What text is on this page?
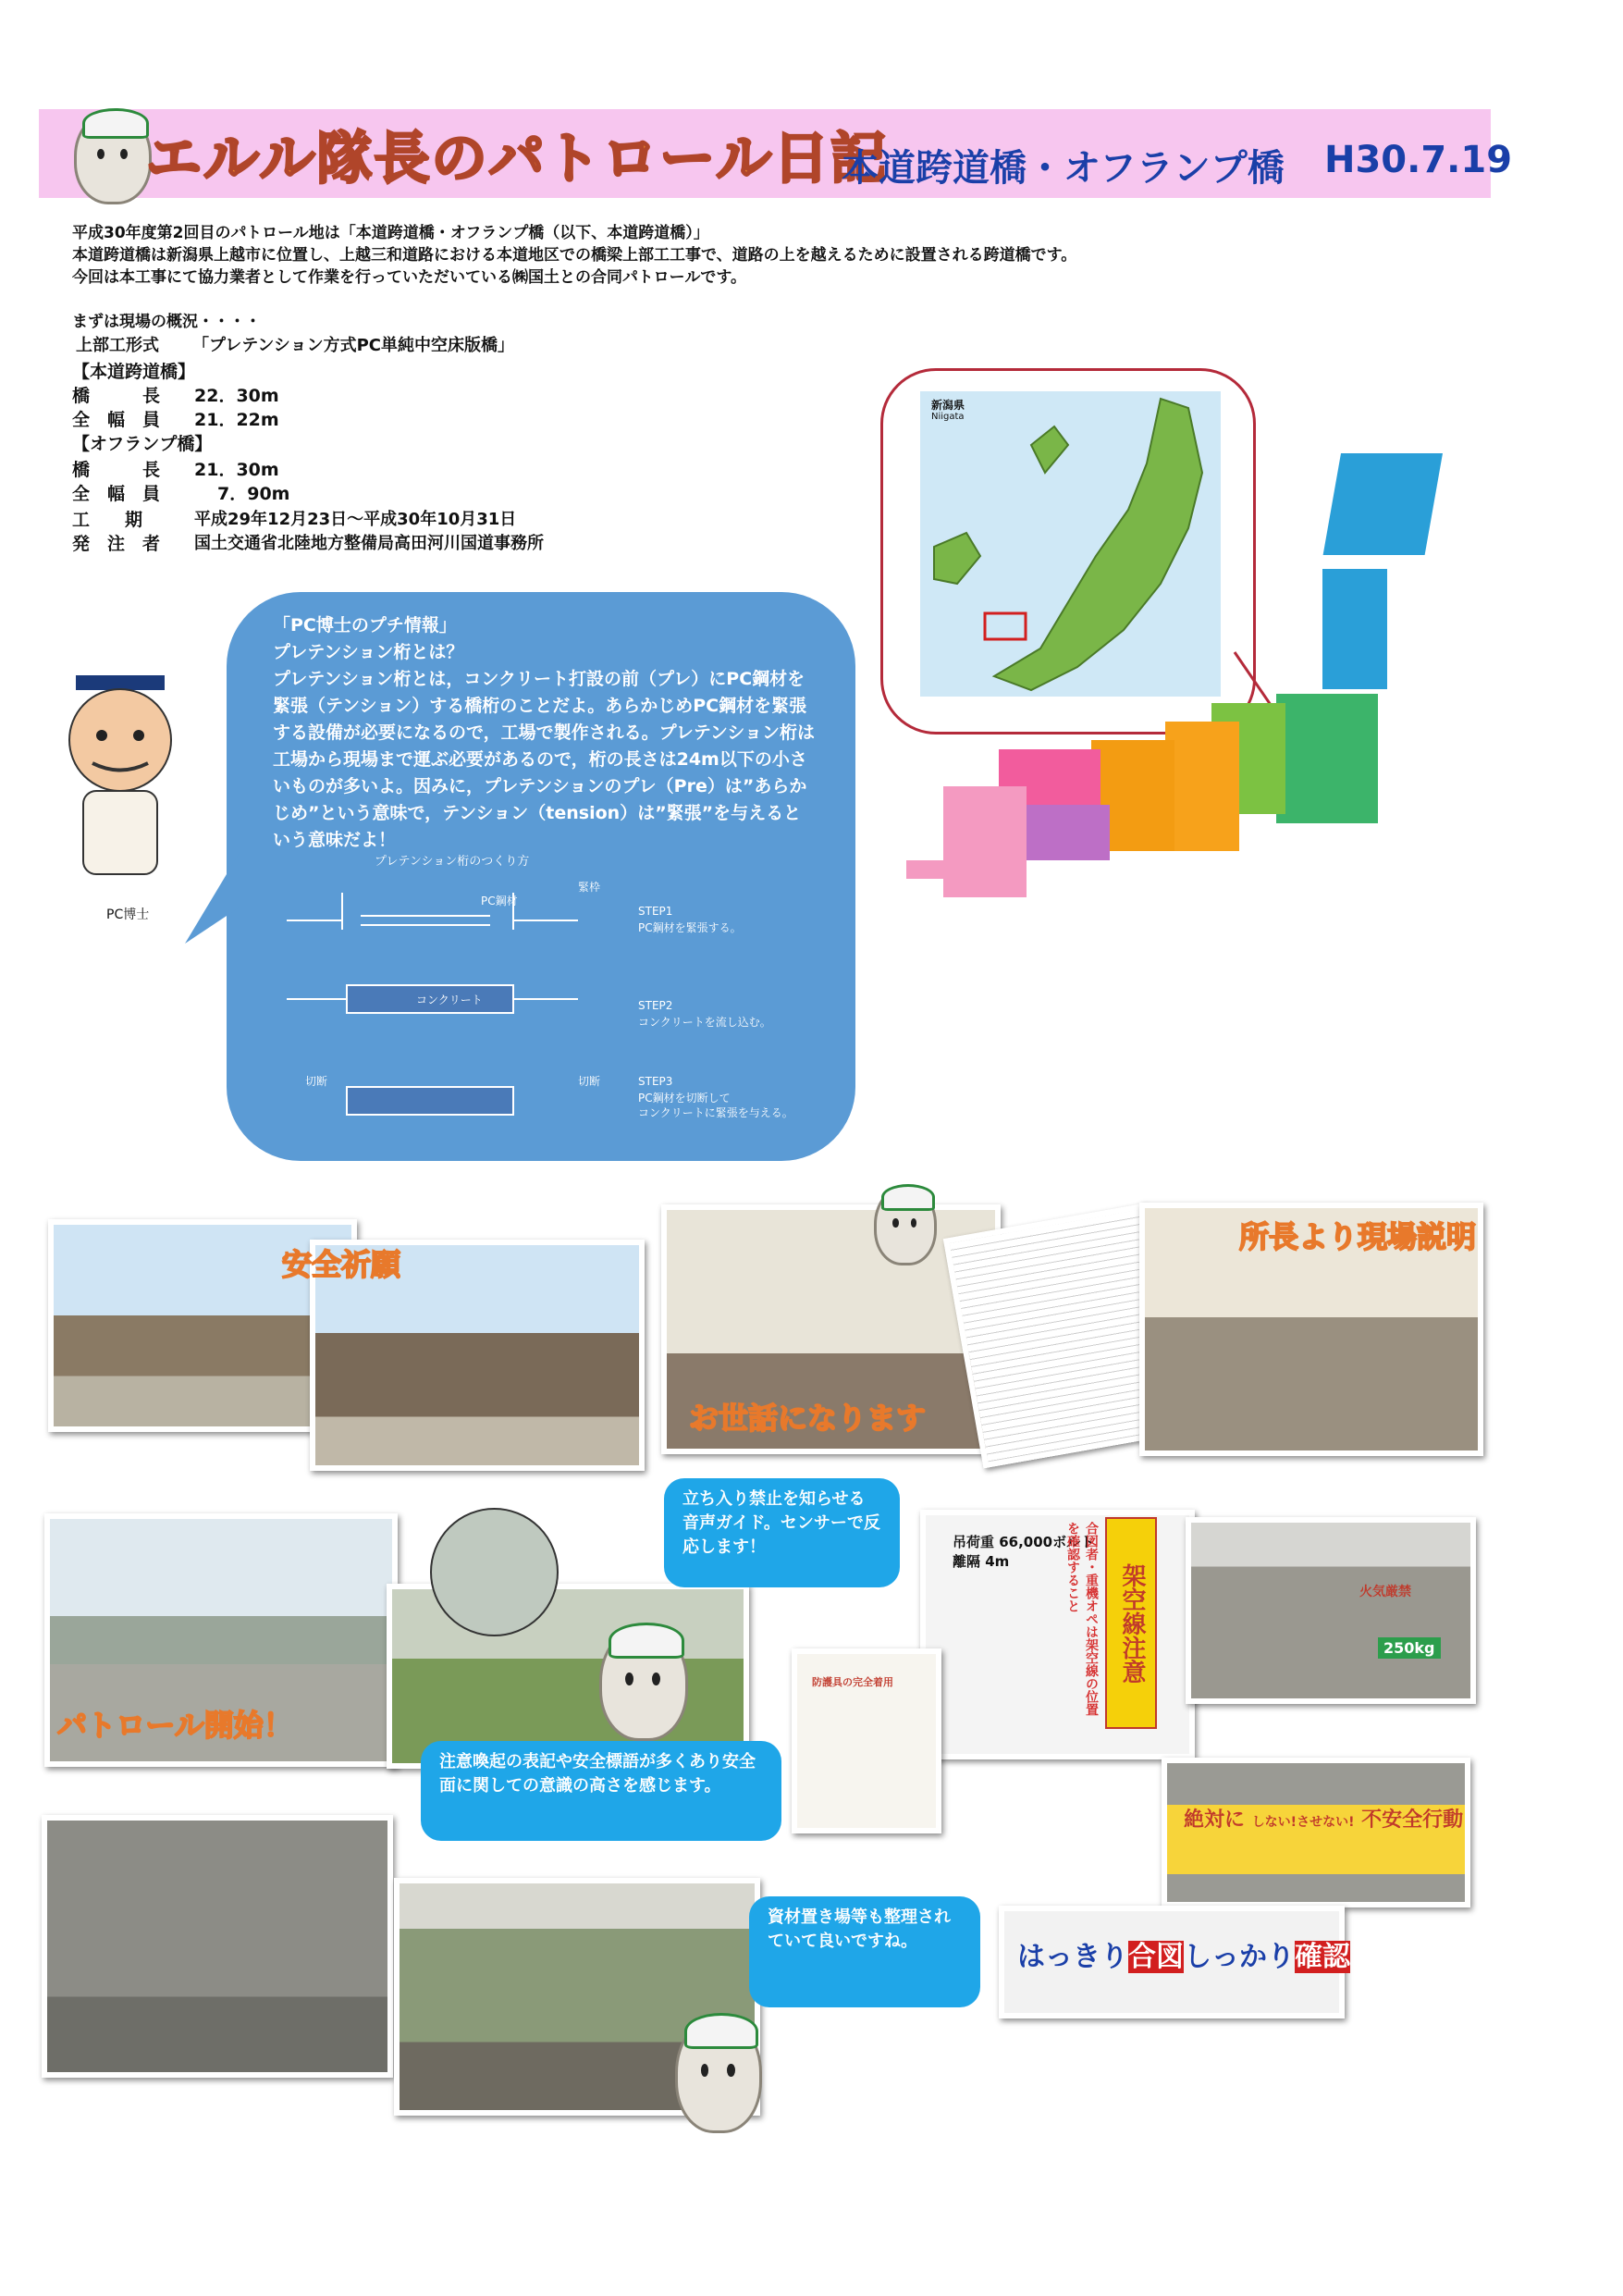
エルル隊長のパトロール日記
本道跨道橋・オフランプ橋 H30.7.19
平成30年度第2回目のパトロール地は「本道跨道橋・オフランプ橋（以下、本道跨道橋）」
本道跨道橋は新潟県上越市に位置し、上越三和道路における本道地区での橋梁上部工工事で、道路の上を越えるために設置される跨道橋です。
今回は本工事にて協力業者として作業を行っていただいている㈱国土との合同パトロールです。
まずは現場の概況・・・・
上部工形式 「プレテンション方式PC単純中空床版橋」
【本道跨道橋】
橋　　　長 22．30m
全　幅　員 21．22m
【オフランプ橋】
橋　　　長 21．30m
全　幅　員	7．90m
工　　期	平成29年12月23日～平成30年10月31日
発　注　者 国土交通省北陸地方整備局高田河川国道事務所
新潟県
Niigata
PC博士
「PC博士のプチ情報」
プレテンション桁とは？
プレテンション桁とは，コンクリート打設の前（プレ）にPC鋼材を緊張（テンション）する橋桁のことだよ。あらかじめPC鋼材を緊張する設備が必要になるので，工場で製作される。プレテンション桁は工場から現場まで運ぶ必要があるので，桁の長さは24m以下の小さいものが多いよ。因みに，プレテンションのプレ（Pre）は”あらかじめ”という意味で，テンション（tension）は”緊張”を与えるという意味だよ！
プレテンション桁のつくり方
PC鋼材
緊枠
コンクリート
切断	切断
STEP1
PC鋼材を緊張する。
STEP2
コンクリートを流し込む。
STEP3
PC鋼材を切断して
コンクリートに緊張を与える。
安全祈願
お世話になります
所長より現場説明
パトロール開始！
立ち入り禁止を知らせる音声ガイド。センサーで反応します！
注意喚起の表記や安全標語が多くあり安全面に関しての意識の高さを感じます。
吊荷重 66,000ボルト
離隔 4m
架空線注意
合図者・重機オペは架空線の位置を確認すること
防護具の完全着用
火気厳禁
250kg
絶対に しない!させない! 不安全行動
はっきり合図しっかり確認
資材置き場等も整理されていて良いですね。
